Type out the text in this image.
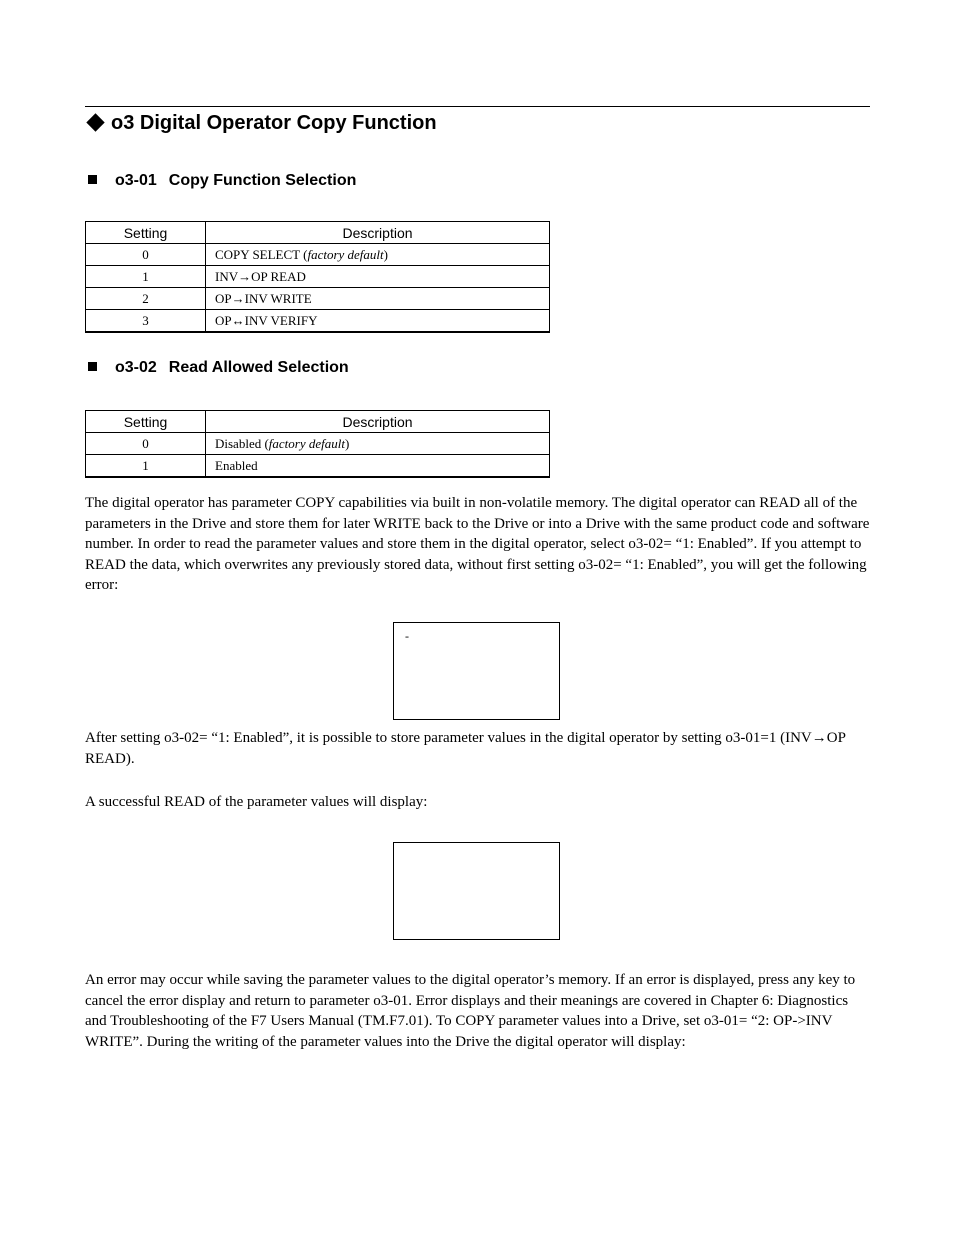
o3 Digital Operator Copy Function
o3-01 Copy Function Selection
Setting	Description
0	COPY SELECT (factory default)
1	INV→OP READ
2	OP→INV WRITE
3	OP↔INV VERIFY
o3-02 Read Allowed Selection
Setting	Description
0	Disabled (factory default)
1	Enabled

The digital operator has parameter COPY capabilities via built in non-volatile memory. The digital operator can READ all of the parameters in the Drive and store them for later WRITE back to the Drive or into a Drive with the same product code and software number. In order to read the parameter values and store them in the digital operator, select o3-02= “1: Enabled”. If you attempt to READ the data, which overwrites any previously stored data, without first setting o3-02= “1: Enabled”, you will get the following error:

-

After setting o3-02= “1: Enabled”, it is possible to store parameter values in the digital operator by setting o3-01=1 (INV→OP READ).

A successful READ of the parameter values will display:

An error may occur while saving the parameter values to the digital operator’s memory. If an error is displayed, press any key to cancel the error display and return to parameter o3-01. Error displays and their meanings are covered in Chapter 6: Diagnostics and Troubleshooting of the F7 Users Manual (TM.F7.01). To COPY parameter values into a Drive, set o3-01= “2: OP->INV WRITE”. During the writing of the parameter values into the Drive the digital operator will display:
